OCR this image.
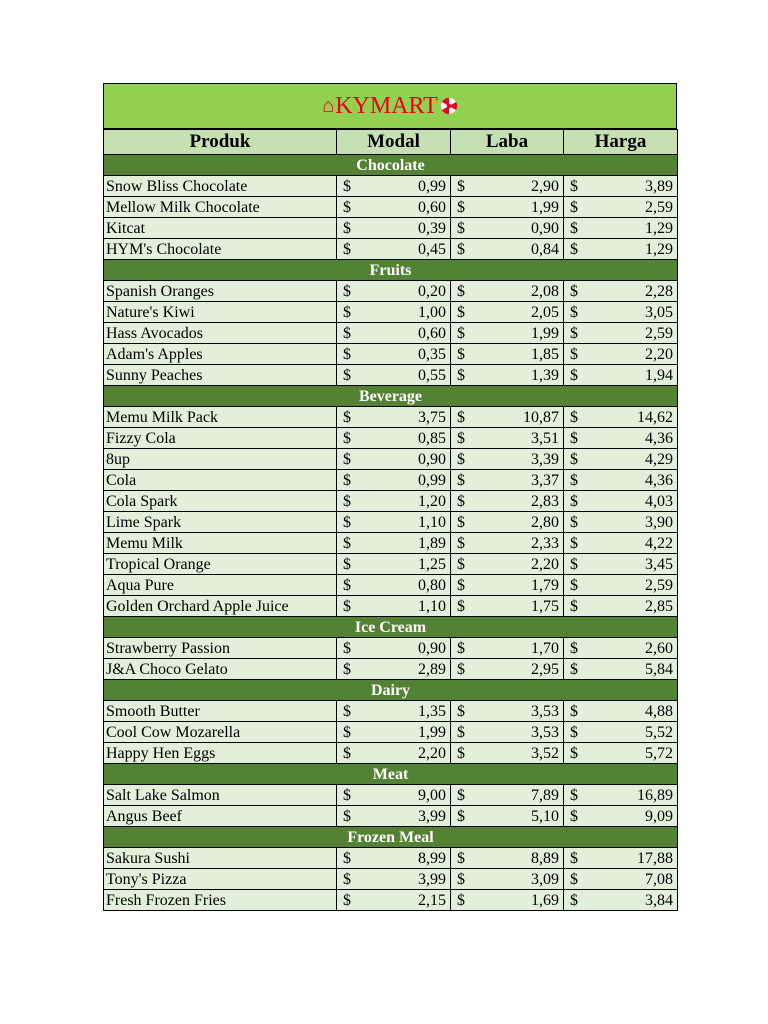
⌂ KYMART
Produk	Modal	Laba	Harga
Chocolate			
Snow Bliss Chocolate	$ 0,99	$ 2,90	$ 3,89

Mellow Milk Chocolate	$ 0,60	$ 1,99	$ 2,59

Kitcat	$ 0,39	$ 0,90	$ 1,29

HYM's Chocolate	$ 0,45	$ 0,84	$ 1,29

Fruits			
Spanish Oranges	$ 0,20	$ 2,08	$ 2,28

Nature's Kiwi	$ 1,00	$ 2,05	$ 3,05

Hass Avocados	$ 0,60	$ 1,99	$ 2,59

Adam's Apples	$ 0,35	$ 1,85	$ 2,20

Sunny Peaches	$ 0,55	$ 1,39	$ 1,94

Beverage			
Memu Milk Pack	$ 3,75	$ 10,87	$ 14,62

Fizzy Cola	$ 0,85	$ 3,51	$ 4,36

8up	$ 0,90	$ 3,39	$ 4,29

Cola	$ 0,99	$ 3,37	$ 4,36

Cola Spark	$ 1,20	$ 2,83	$ 4,03

Lime Spark	$ 1,10	$ 2,80	$ 3,90

Memu Milk	$ 1,89	$ 2,33	$ 4,22

Tropical Orange	$ 1,25	$ 2,20	$ 3,45

Aqua Pure	$ 0,80	$ 1,79	$ 2,59

Golden Orchard Apple Juice	$ 1,10	$ 1,75	$ 2,85

Ice Cream			
Strawberry Passion	$ 0,90	$ 1,70	$ 2,60

J&A Choco Gelato	$ 2,89	$ 2,95	$ 5,84

Dairy			
Smooth Butter	$ 1,35	$ 3,53	$ 4,88

Cool Cow Mozarella	$ 1,99	$ 3,53	$ 5,52

Happy Hen Eggs	$ 2,20	$ 3,52	$ 5,72

Meat			
Salt Lake Salmon	$ 9,00	$ 7,89	$ 16,89

Angus Beef	$ 3,99	$ 5,10	$ 9,09

Frozen Meal			
Sakura Sushi	$ 8,99	$ 8,89	$ 17,88

Tony's Pizza	$ 3,99	$ 3,09	$ 7,08

Fresh Frozen Fries	$ 2,15	$ 1,69	$ 3,84
